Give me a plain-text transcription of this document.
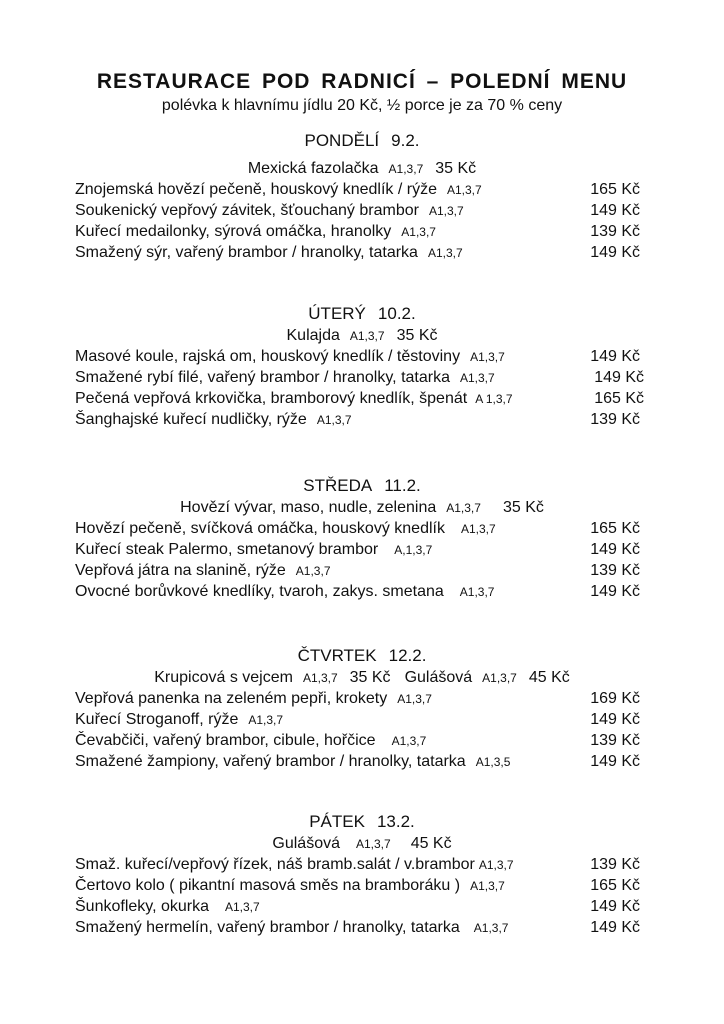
RESTAURACE POD RADNICÍ – POLEDNÍ MENU
polévka k hlavnímu jídlu 20 Kč, ½ porce je za 70 % ceny
PONDĚLÍ 9.2.
Mexická fazolačka A1,3,7 35 Kč
Znojemská hovězí pečeně, houskový knedlík / rýže A1,3,7	165 Kč
Soukenický vepřový závitek, šťouchaný brambor A1,3,7	149 Kč
Kuřecí medailonky, sýrová omáčka, hranolky A1,3,7	139 Kč
Smažený sýr, vařený brambor / hranolky, tatarka A1,3,7	149 Kč
ÚTERÝ 10.2.
Kulajda A1,3,7 35 Kč
Masové koule, rajská om, houskový knedlík / těstoviny A1,3,7	149 Kč
Smažené rybí filé, vařený brambor / hranolky, tatarka A1,3,7	149 Kč
Pečená vepřová krkovička, bramborový knedlík, špenát A 1,3,7	165 Kč
Šanghajské kuřecí nudličky, rýže A1,3,7	139 Kč
STŘEDA 11.2.
Hovězí vývar, maso, nudle, zelenina A1,3,7 35 Kč
Hovězí pečeně, svíčková omáčka, houskový knedlík A1,3,7	165 Kč
Kuřecí steak Palermo, smetanový brambor A,1,3,7	149 Kč
Vepřová játra na slanině, rýže A1,3,7	139 Kč
Ovocné borůvkové knedlíky, tvaroh, zakys. smetana A1,3,7	149 Kč
ČTVRTEK 12.2.
Krupicová s vejcem A1,3,7 35 Kč Gulášová A1,3,7 45 Kč
Vepřová panenka na zeleném pepři, krokety A1,3,7	169 Kč
Kuřecí Stroganoff, rýže A1,3,7	149 Kč
Čevabčiči, vařený brambor, cibule, hořčice A1,3,7	139 Kč
Smažené žampiony, vařený brambor / hranolky, tatarka A1,3,5	149 Kč
PÁTEK 13.2.
Gulášová A1,3,7 45 Kč
Smaž. kuřecí/vepřový řízek, náš bramb.salát / v.brambor A1,3,7	139 Kč
Čertovo kolo ( pikantní masová směs na bramboráku ) A1,3,7	165 Kč
Šunkofleky, okurka A1,3,7	149 Kč
Smažený hermelín, vařený brambor / hranolky, tatarka A1,3,7	149 Kč
